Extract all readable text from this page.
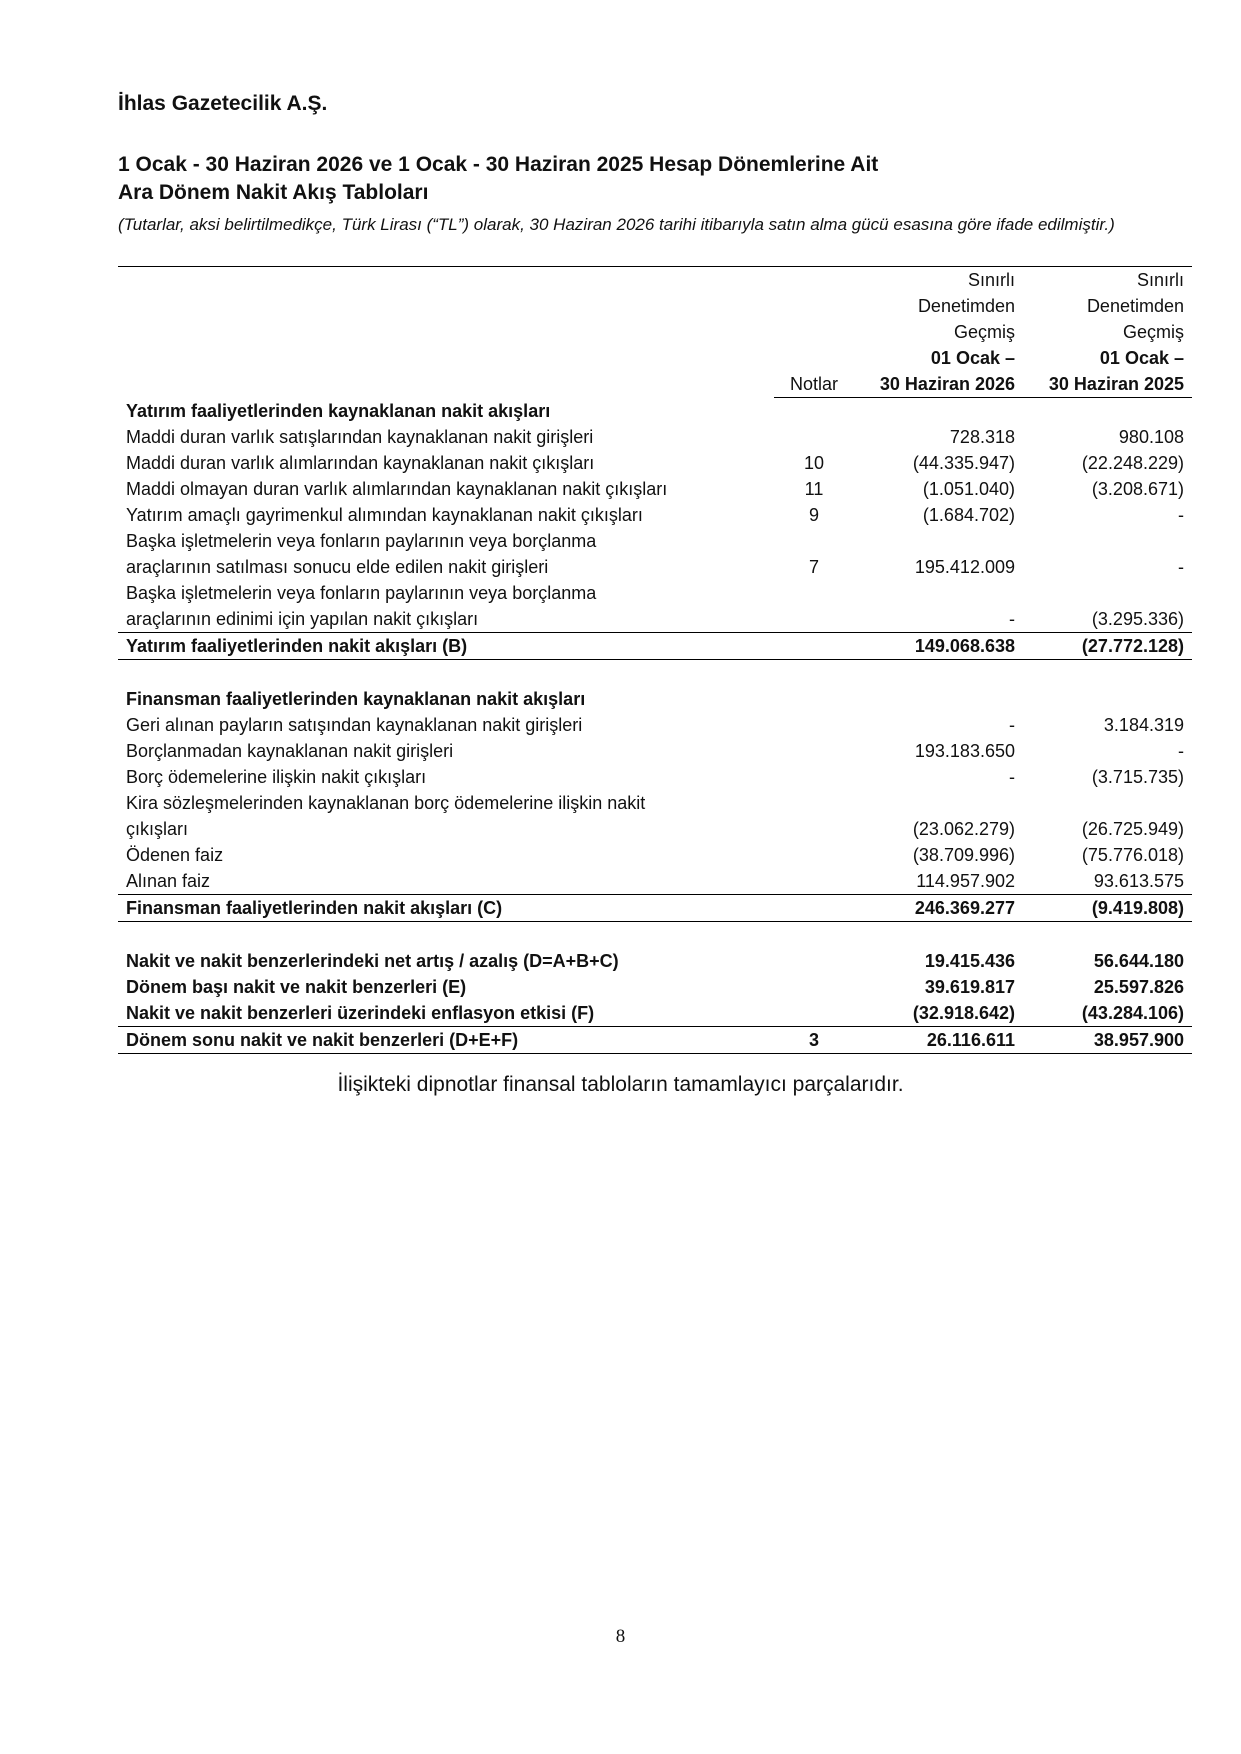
İhlas Gazetecilik A.Ş.
1 Ocak - 30 Haziran 2026 ve 1 Ocak - 30 Haziran 2025 Hesap Dönemlerine Ait
Ara Dönem Nakit Akış Tabloları

(Tutarlar, aksi belirtilmedikçe, Türk Lirası (“TL”) olarak, 30 Haziran 2026 tarihi itibarıyla satın alma gücü esasına göre ifade edilmiştir.)

		Sınırlı	Sınırlı
		Denetimden	Denetimden
		Geçmiş	Geçmiş
		01 Ocak –	01 Ocak –
	Notlar	30 Haziran 2026	30 Haziran 2025
Yatırım faaliyetlerinden kaynaklanan nakit akışları			
Maddi duran varlık satışlarından kaynaklanan nakit girişleri		728.318	980.108
Maddi duran varlık alımlarından kaynaklanan nakit çıkışları	10	(44.335.947)	(22.248.229)
Maddi olmayan duran varlık alımlarından kaynaklanan nakit çıkışları	11	(1.051.040)	(3.208.671)
Yatırım amaçlı gayrimenkul alımından kaynaklanan nakit çıkışları	9	(1.684.702)	-
Başka işletmelerin veya fonların paylarının veya borçlanma			
araçlarının satılması sonucu elde edilen nakit girişleri	7	195.412.009	-
Başka işletmelerin veya fonların paylarının veya borçlanma			
araçlarının edinimi için yapılan nakit çıkışları		-	(3.295.336)
Yatırım faaliyetlerinden nakit akışları (B)		149.068.638	(27.772.128)

Finansman faaliyetlerinden kaynaklanan nakit akışları			
Geri alınan payların satışından kaynaklanan nakit girişleri		-	3.184.319
Borçlanmadan kaynaklanan nakit girişleri		193.183.650	-
Borç ödemelerine ilişkin nakit çıkışları		-	(3.715.735)
Kira sözleşmelerinden kaynaklanan borç ödemelerine ilişkin nakit			
çıkışları		(23.062.279)	(26.725.949)
Ödenen faiz		(38.709.996)	(75.776.018)
Alınan faiz		114.957.902	93.613.575
Finansman faaliyetlerinden nakit akışları (C)		246.369.277	(9.419.808)

Nakit ve nakit benzerlerindeki net artış / azalış (D=A+B+C)		19.415.436	56.644.180
Dönem başı nakit ve nakit benzerleri (E)		39.619.817	25.597.826
Nakit ve nakit benzerleri üzerindeki enflasyon etkisi (F)		(32.918.642)	(43.284.106)
Dönem sonu nakit ve nakit benzerleri (D+E+F)	3	26.116.611	38.957.900

İlişikteki dipnotlar finansal tabloların tamamlayıcı parçalarıdır.

8
